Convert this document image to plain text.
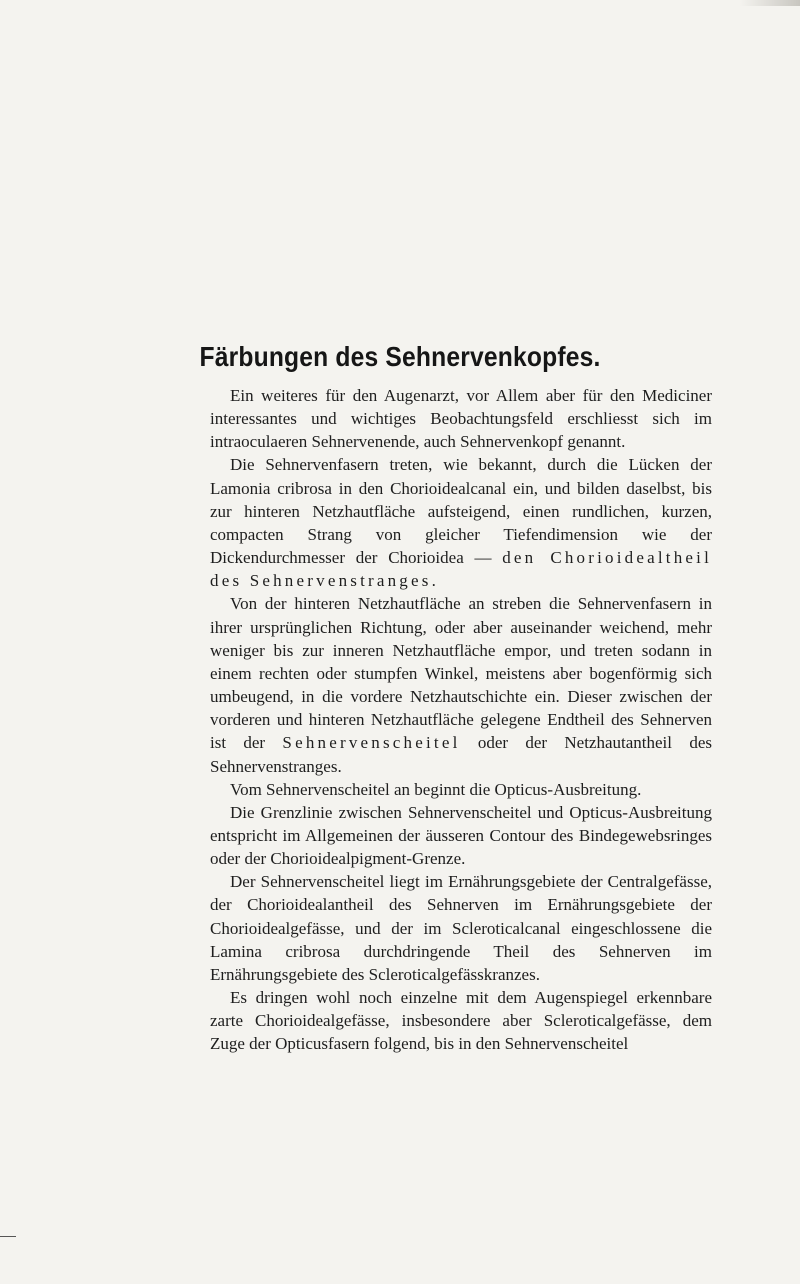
Färbungen des Sehnervenkopfes.

Ein weiteres für den Augenarzt, vor Allem aber für den Mediciner interessantes und wichtiges Beobachtungsfeld erschliesst sich im intraoculaeren Sehnervenende, auch Sehnervenkopf genannt.

Die Sehnervenfasern treten, wie bekannt, durch die Lücken der Lamonia cribrosa in den Chorioidealcanal ein, und bilden daselbst, bis zur hinteren Netzhautfläche aufsteigend, einen rundlichen, kurzen, compacten Strang von gleicher Tiefendimension wie der Dickendurchmesser der Chorioidea — den Chorioidealtheil des Sehnervenstranges.

Von der hinteren Netzhautfläche an streben die Sehnervenfasern in ihrer ursprünglichen Richtung, oder aber auseinander weichend, mehr weniger bis zur inneren Netzhautfläche empor, und treten sodann in einem rechten oder stumpfen Winkel, meistens aber bogenförmig sich umbeugend, in die vordere Netzhautschichte ein. Dieser zwischen der vorderen und hinteren Netzhautfläche gelegene Endtheil des Sehnerven ist der Sehnervenscheitel oder der Netzhautantheil des Sehnervenstranges.

Vom Sehnervenscheitel an beginnt die Opticus-Ausbreitung.

Die Grenzlinie zwischen Sehnervenscheitel und Opticus-Ausbreitung entspricht im Allgemeinen der äusseren Contour des Bindegewebsringes oder der Chorioidealpigment-Grenze.

Der Sehnervenscheitel liegt im Ernährungsgebiete der Centralgefässe, der Chorioidealantheil des Sehnerven im Ernährungsgebiete der Chorioidealgefässe, und der im Scleroticalcanal eingeschlossene die Lamina cribrosa durchdringende Theil des Sehnerven im Ernährungsgebiete des Scleroticalgefässkranzes.

Es dringen wohl noch einzelne mit dem Augenspiegel erkennbare zarte Chorioidealgefässe, insbesondere aber Scleroticalgefässe, dem Zuge der Opticusfasern folgend, bis in den Sehnervenscheitel
